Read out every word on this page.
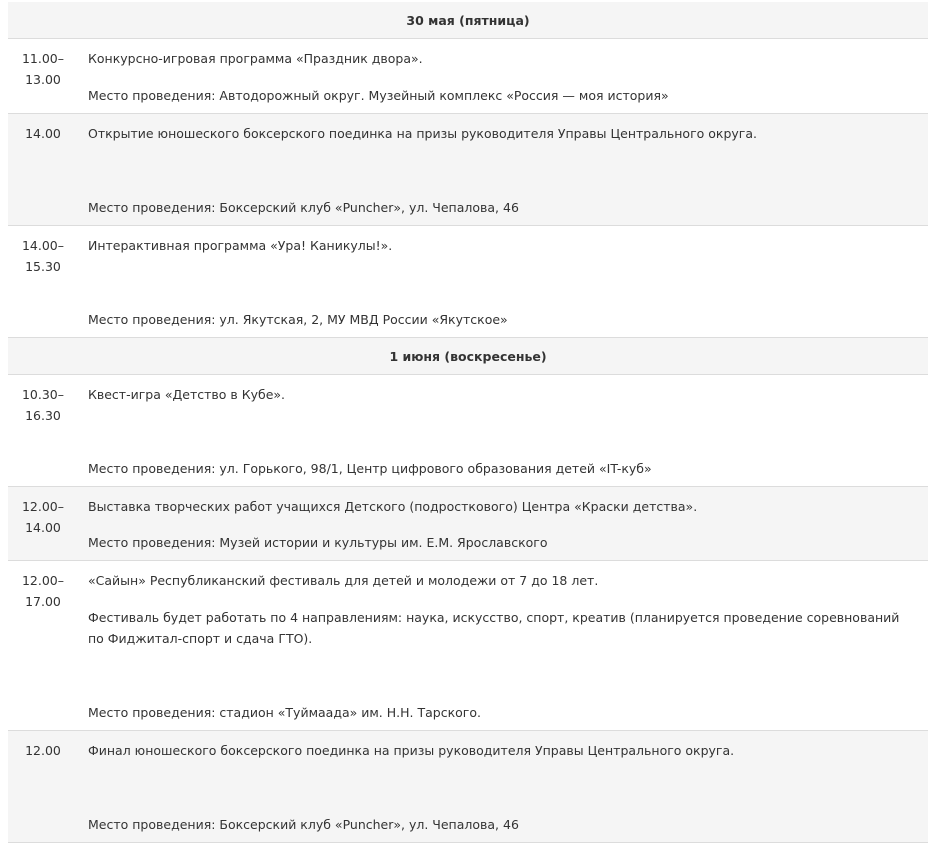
30 мая (пятница)
11.00–
13.00

Конкурсно-игровая программа «Праздник двора».

Место проведения: Автодорожный округ. Музейный комплекс «Россия — моя история»
14.00	Открытие юношеского боксерского поединка на призы руководителя Управы Центрального округа.

Место проведения: Боксерский клуб «Puncher», ул. Чепалова, 46
14.00–
15.30

Интерактивная программа «Ура! Каникулы!».

Место проведения: ул. Якутская, 2, МУ МВД России «Якутское»
1 июня (воскресенье)
10.30–
16.30

Квест-игра «Детство в Кубе».

Место проведения: ул. Горького, 98/1, Центр цифрового образования детей «IT-куб»
12.00–
14.00

Выставка творческих работ учащихся Детского (подросткового) Центра «Краски детства».

Место проведения: Музей истории и культуры им. Е.М. Ярославского
12.00–
17.00

«Сайын» Республиканский фестиваль для детей и молодежи от 7 до 18 лет.

Фестиваль будет работать по 4 направлениям: наука, искусство, спорт, креатив (планируется проведение соревнований по Фиджитал-спорт и сдача ГТО).

Место проведения: стадион «Туймаада» им. Н.Н. Тарского.
12.00	Финал юношеского боксерского поединка на призы руководителя Управы Центрального округа.

Место проведения: Боксерский клуб «Puncher», ул. Чепалова, 46
